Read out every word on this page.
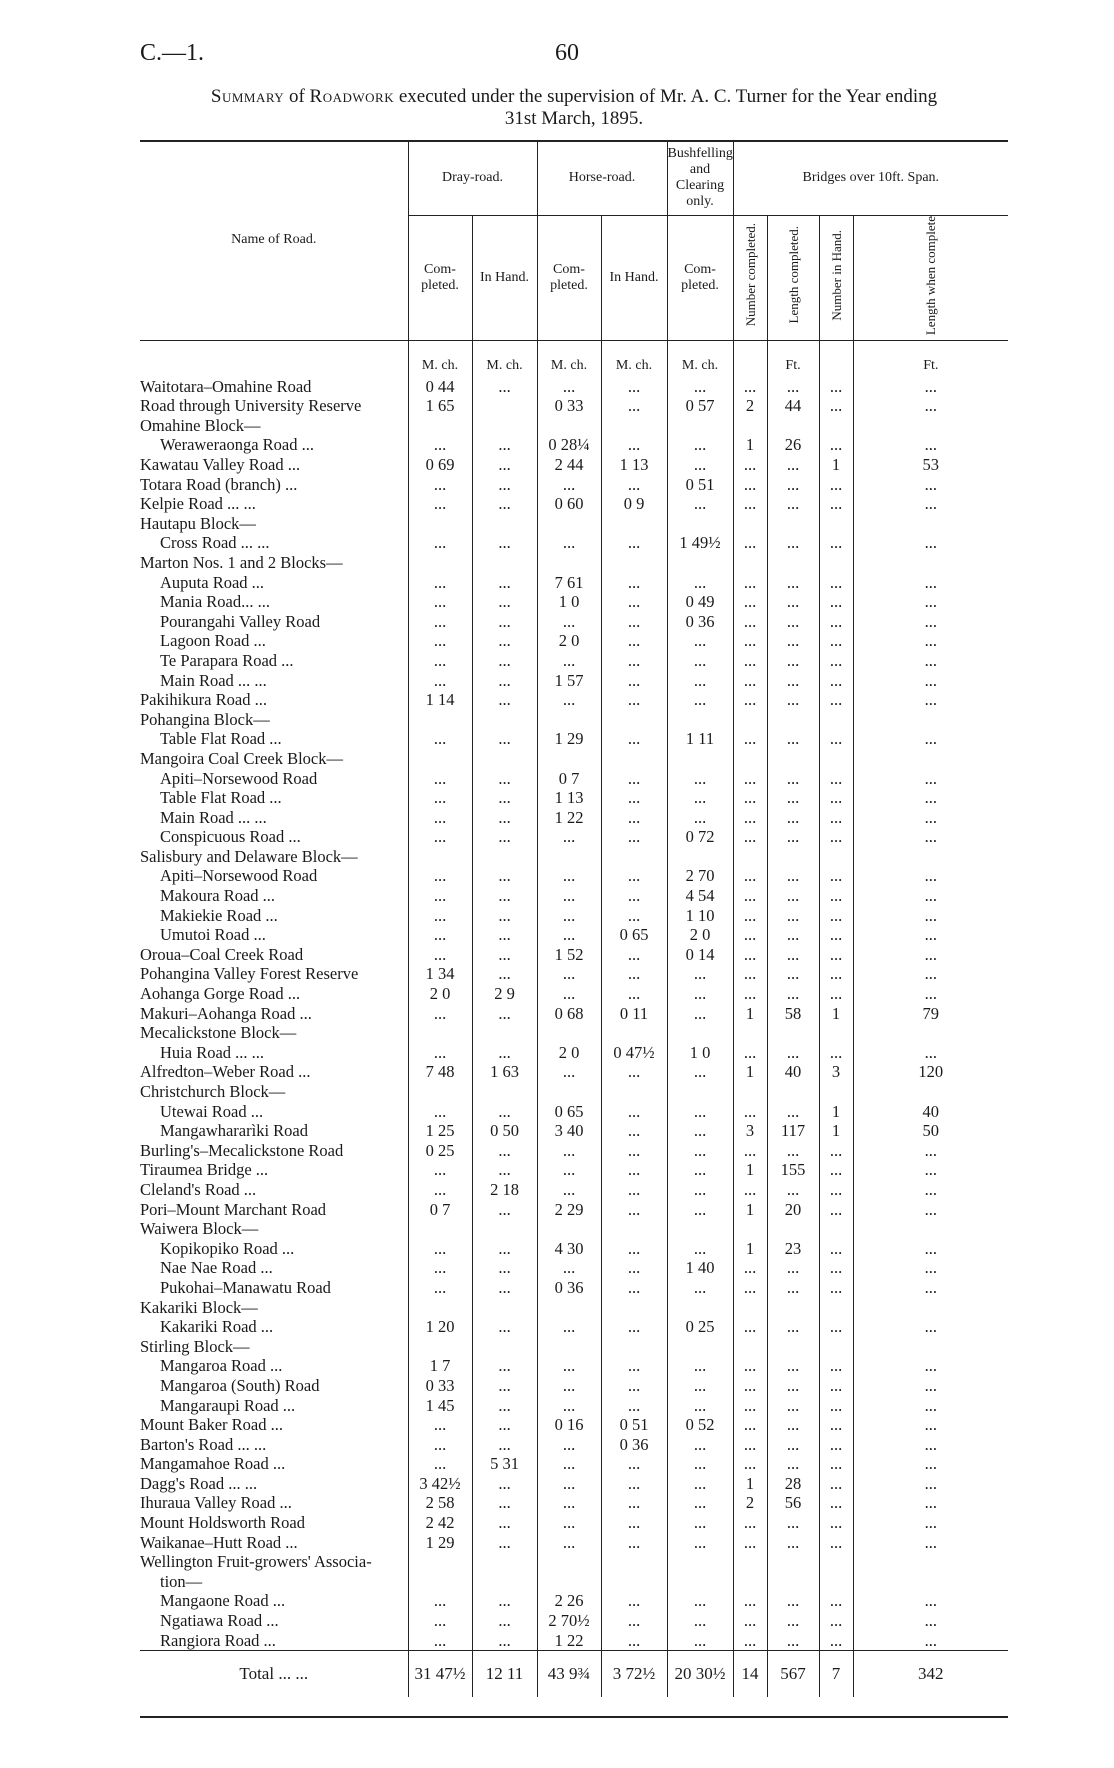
C.—1.	60
Summary of Roadwork executed under the supervision of Mr. A. C. Turner for the Year ending
31st March, 1895.
Name of Road.	Dray-road.		Horse-road.		Bushfelling and Clearing only.	Bridges over 10ft. Span.			
	Com-pleted.	In Hand.	Com-pleted.	In Hand.	Com-pleted.	Number completed.	Length completed.	Number in Hand.	Length when complete
	M. ch.	M. ch.	M. ch.	M. ch.	M. ch.		Ft.		Ft.
Waitotara–Omahine Road	0 44	...	...	...	...	...	...	...	...
Road through University Reserve	1 65		0 33	...	0 57	2	44	...	...
Omahine Block—									
Weraweraonga Road ...	...	...	0 28¼	...	...	1	26	...	...
Kawatau Valley Road ...	0 69	...	2 44	1 13	...	...	...	1	53
Totara Road (branch) ...	...	...	...	...	0 51	...	...	...	...
Kelpie Road ... ...	...	...	0 60	0 9	...	...	...	...	...
Hautapu Block—									
Cross Road ... ...	...	...	...	...	1 49½	...	...	...	...
Marton Nos. 1 and 2 Blocks—									
Auputa Road ...	...	...	7 61	...	...	...	...	...	...
Mania Road... ...	...	...	1 0	...	0 49	...	...	...	...
Pourangahi Valley Road	...	...	...	...	0 36	...	...	...	...
Lagoon Road ...	...	...	2 0	...	...	...	...	...	...
Te Parapara Road ...	...	...	...	...	...	...	...	...	...
Main Road ... ...	...	...	1 57	...	...	...	...	...	...
Pakihikura Road ...	1 14	...	...	...	...	...	...	...	...
Pohangina Block—									
Table Flat Road ...	...	...	1 29	...	1 11	...	...	...	...
Mangoira Coal Creek Block—									
Apiti–Norsewood Road	...	...	0 7	...	...	...	...	...	...
Table Flat Road ...	...	...	1 13	...	...	...	...	...	...
Main Road ... ...	...	...	1 22	...	...	...	...	...	...
Conspicuous Road ...	...	...	...	...	0 72	...	...	...	...
Salisbury and Delaware Block—									
Apiti–Norsewood Road	...	...	...	...	2 70	...	...	...	...
Makoura Road ...	...	...	...	...	4 54	...	...	...	...
Makiekie Road ...	...	...	...	...	1 10	...	...	...	...
Umutoi Road ...	...	...	...	0 65	2 0	...	...	...	...
Oroua–Coal Creek Road	...	...	1 52	...	0 14	...	...	...	...
Pohangina Valley Forest Reserve	1 34	...	...	...	...	...	...	...	...
Aohanga Gorge Road ...	2 0	2 9	...	...	...	...	...	...	...
Makuri–Aohanga Road ...	...	...	0 68	0 11	...	1	58	1	79
Mecalickstone Block—									
Huia Road ... ...	...	...	2 0	0 47½	1 0	...	...	...	...
Alfredton–Weber Road ...	7 48	1 63	...	...	...	1	40	3	120
Christchurch Block—									
Utewai Road ...	...	...	0 65	...	...	...	...	1	40
Mangawhararìki Road	1 25	0 50	3 40	...	...	3	117	1	50
Burling's–Mecalickstone Road	0 25	...	...	...	...	...	...	...	...
Tiraumea Bridge ...	...	...	...	...	...	1	155	...	...
Cleland's Road ...	...	2 18	...	...	...	...	...	...	...
Pori–Mount Marchant Road	0 7	...	2 29	...	...	1	20	...	...
Waiwera Block—									
Kopikopiko Road ...	...	...	4 30	...	...	1	23	...	...
Nae Nae Road ...	...	...	...	...	1 40	...	...	...	...
Pukohai–Manawatu Road	...	...	0 36	...	...	...	...	...	...
Kakariki Block—									
Kakariki Road ...	1 20	...	...	...	0 25	...	...	...	...
Stirling Block—									
Mangaroa Road ...	1 7	...	...	...	...	...	...	...	...
Mangaroa (South) Road	0 33	...	...	...	...	...	...	...	...
Mangaraupi Road ...	1 45	...	...	...	...	...	...	...	...
Mount Baker Road ...	...	...	0 16	0 51	0 52	...	...	...	...
Barton's Road ... ...	...	...	...	0 36	...	...	...	...	...
Mangamahoe Road ...	...	5 31	...	...	...	...	...	...	...
Dagg's Road ... ...	3 42½	...	...	...	...	1	28	...	...
Ihuraua Valley Road ...	2 58	...	...	...	...	2	56	...	...
Mount Holdsworth Road	2 42	...	...	...	...	...	...	...	...
Waikanae–Hutt Road ...	1 29	...	...	...	...	...	...	...	...
Wellington Fruit-growers' Associa-									
tion—									
Mangaone Road ...	...	...	2 26	...	...	...	...	...	...
Ngatiawa Road ...	...	...	2 70½	...	...	...	...	...	...
Rangiora Road ...	...	...	1 22	...	...	...	...	...	...
Total ... ...	31 47½	12 11	43 9¾	3 72½	20 30½	14	567	7	342
